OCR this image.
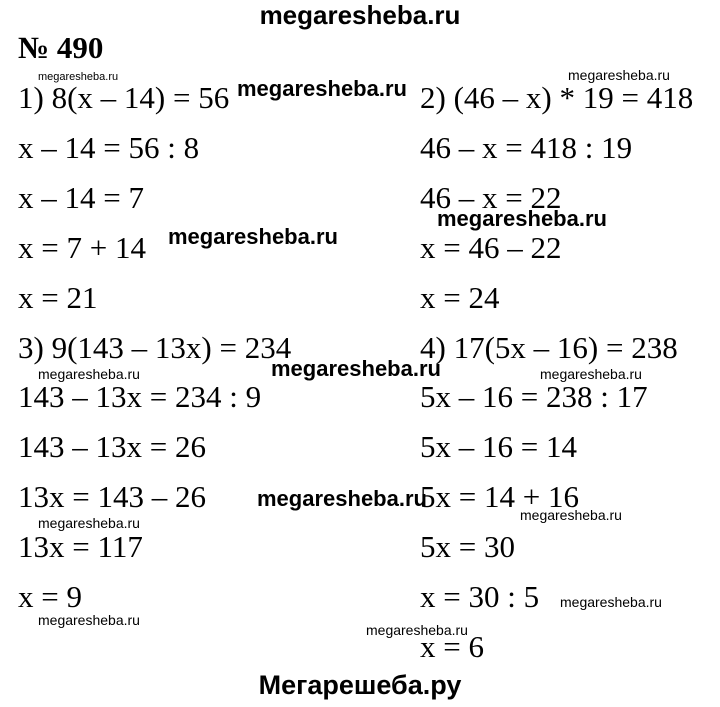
megaresheba.ru
№ 490
1) 8(x – 14) = 56
x – 14 = 56 : 8
x – 14 = 7
x = 7 + 14
x = 21
3) 9(143 – 13x) = 234
143 – 13x = 234 : 9
143 – 13x = 26
13x = 143 – 26
13x = 117
x = 9
2) (46 – x) * 19 = 418
46 – x = 418 : 19
46 – x = 22
x = 46 – 22
x = 24
4) 17(5x – 16) = 238
5x – 16 = 238 : 17
5x – 16 = 14
5x = 14 + 16
5x = 30
x = 30 : 5
x = 6
megaresheba.ru	megaresheba.ru
megaresheba.ru
megaresheba.ru
megaresheba.ru
megaresheba.ru
megaresheba.ru	megaresheba.ru
megaresheba.ru
megaresheba.ru	megaresheba.ru
megaresheba.ru
megaresheba.ru
megaresheba.ru
Мегарешеба.ру
